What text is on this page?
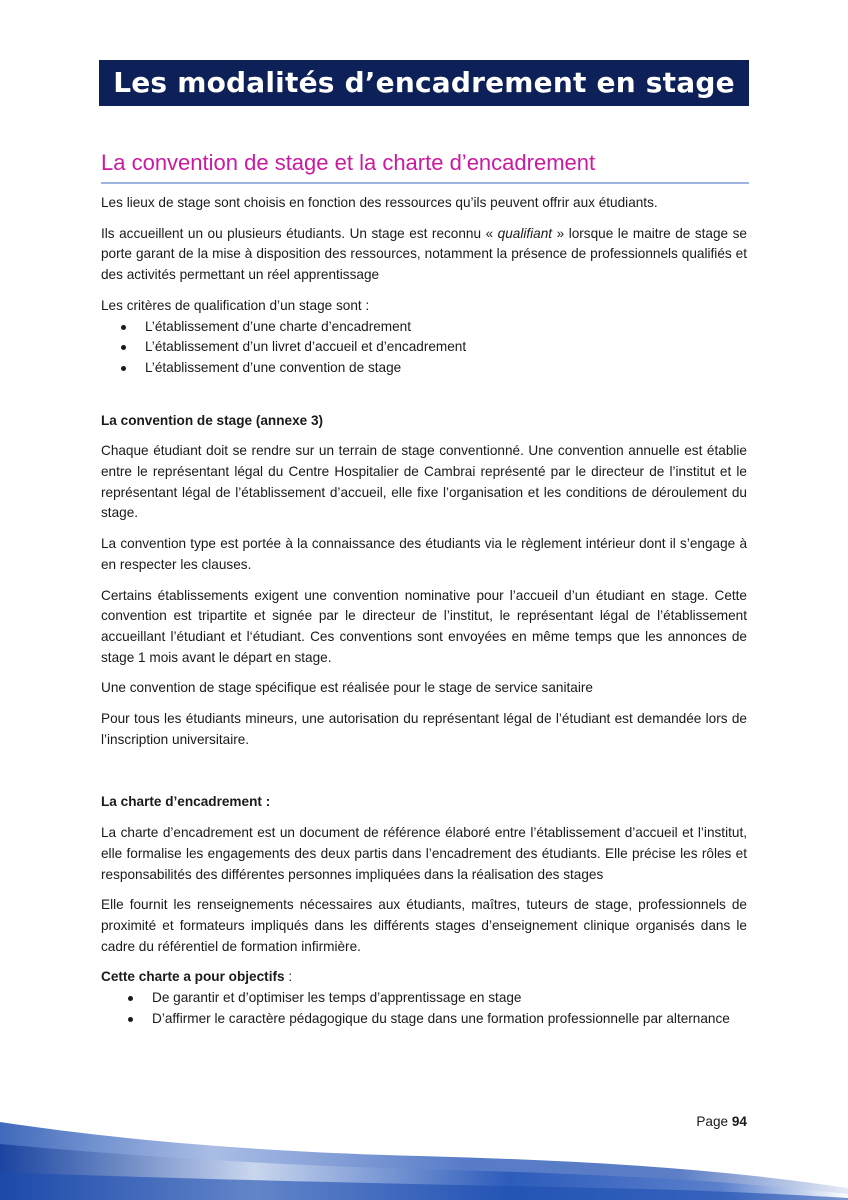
Les modalités d’encadrement en stage
La convention de stage et la charte d’encadrement

Les lieux de stage sont choisis en fonction des ressources qu’ils peuvent offrir aux étudiants.

Ils accueillent un ou plusieurs étudiants. Un stage est reconnu « qualifiant » lorsque le maitre de stage se porte garant de la mise à disposition des ressources, notamment la présence de professionnels qualifiés et des activités permettant un réel apprentissage

Les critères de qualification d’un stage sont :

L’établissement d’une charte d’encadrement
L’établissement d’un livret d’accueil et d’encadrement
L’établissement d’une convention de stage
La convention de stage (annexe 3)

Chaque étudiant doit se rendre sur un terrain de stage conventionné. Une convention annuelle est établie entre le représentant légal du Centre Hospitalier de Cambrai représenté par le directeur de l’institut et le représentant légal de l’établissement d’accueil, elle fixe l’organisation et les conditions de déroulement du stage.

La convention type est portée à la connaissance des étudiants via le règlement intérieur dont il s’engage à en respecter les clauses.

Certains établissements exigent une convention nominative pour l’accueil d’un étudiant en stage. Cette convention est tripartite et signée par le directeur de l’institut, le représentant légal de l’établissement accueillant l’étudiant et l‘étudiant. Ces conventions sont envoyées en même temps que les annonces de stage 1 mois avant le départ en stage.

Une convention de stage spécifique est réalisée pour le stage de service sanitaire

Pour tous les étudiants mineurs, une autorisation du représentant légal de l’étudiant est demandée lors de l’inscription universitaire.

La charte d’encadrement :

La charte d’encadrement est un document de référence élaboré entre l’établissement d’accueil et l’institut, elle formalise les engagements des deux partis dans l’encadrement des étudiants. Elle précise les rôles et responsabilités des différentes personnes impliquées dans la réalisation des stages

Elle fournit les renseignements nécessaires aux étudiants, maîtres, tuteurs de stage, professionnels de proximité et formateurs impliqués dans les différents stages d’enseignement clinique organisés dans le cadre du référentiel de formation infirmière.

Cette charte a pour objectifs :

De garantir et d’optimiser les temps d’apprentissage en stage
D’affirmer le caractère pédagogique du stage dans une formation professionnelle par alternance
Page 94
